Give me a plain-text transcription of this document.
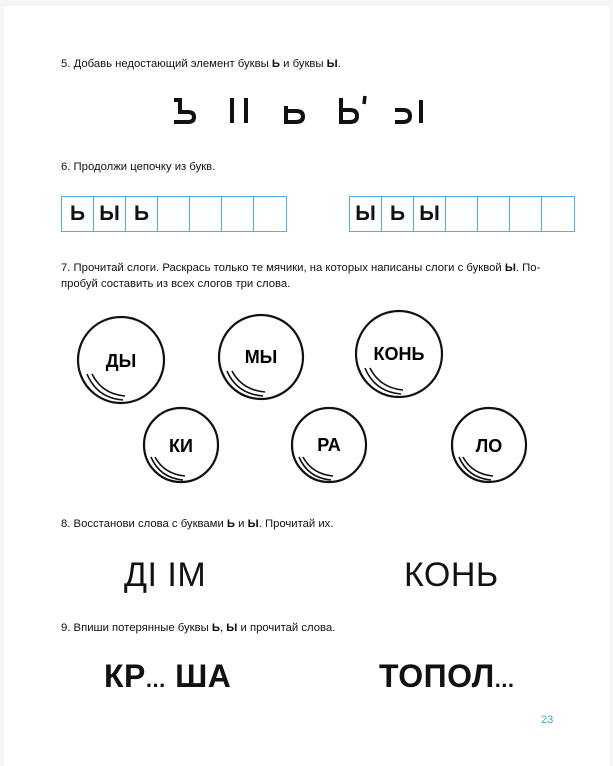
5. Добавь недостающий элемент буквы Ь и буквы Ы.
6. Продолжи цепочку из букв.
Ь Ы Ь	Ы Ь Ы
7. Прочитай слоги. Раскрась только те мячики, на которых написаны слоги с буквой Ы. По-
пробуй составить из всех слогов три слова.
ДЫ	МЫ	КОНЬ
КИ	РА	ЛО
8. Восстанови слова с буквами Ь и Ы. Прочитай их.
ДI IМ	КОНЬ
9. Впиши потерянные буквы Ь, Ы и прочитай слова.
КР... ША	ТОПОЛ...
23
